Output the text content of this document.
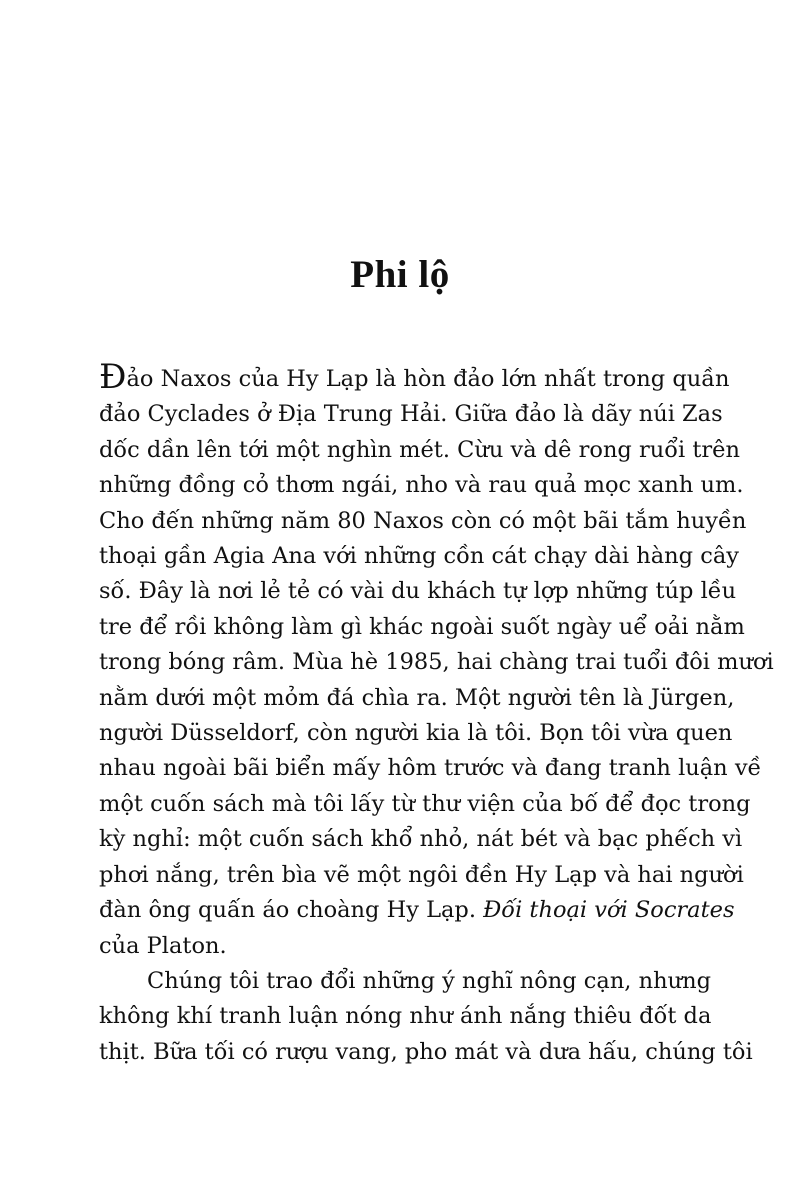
Phi lộ

Đảo Naxos của Hy Lạp là hòn đảo lớn nhất trong quần
đảo Cyclades ở Địa Trung Hải. Giữa đảo là dãy núi Zas
dốc dần lên tới một nghìn mét. Cừu và dê rong ruổi trên
những đồng cỏ thơm ngái, nho và rau quả mọc xanh um.
Cho đến những năm 80 Naxos còn có một bãi tắm huyền
thoại gần Agia Ana với những cồn cát chạy dài hàng cây
số. Đây là nơi lẻ tẻ có vài du khách tự lợp những túp lều
tre để rồi không làm gì khác ngoài suốt ngày uể oải nằm
trong bóng râm. Mùa hè 1985, hai chàng trai tuổi đôi mươi
nằm dưới một mỏm đá chìa ra. Một người tên là Jürgen,
người Düsseldorf, còn người kia là tôi. Bọn tôi vừa quen
nhau ngoài bãi biển mấy hôm trước và đang tranh luận về
một cuốn sách mà tôi lấy từ thư viện của bố để đọc trong
kỳ nghỉ: một cuốn sách khổ nhỏ, nát bét và bạc phếch vì
phơi nắng, trên bìa vẽ một ngôi đền Hy Lạp và hai người
đàn ông quấn áo choàng Hy Lạp. Đối thoại với Socrates
của Platon.

Chúng tôi trao đổi những ý nghĩ nông cạn, nhưng
không khí tranh luận nóng như ánh nắng thiêu đốt da
thịt. Bữa tối có rượu vang, pho mát và dưa hấu, chúng tôi
